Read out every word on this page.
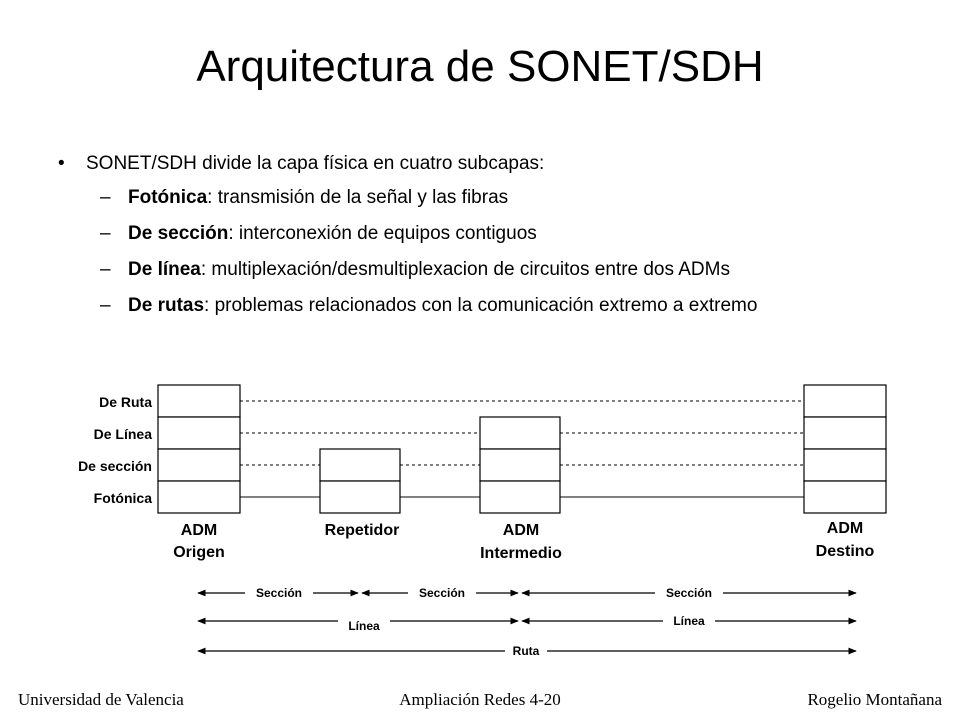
Arquitectura de SONET/SDH
• SONET/SDH divide la capa física en cuatro subcapas:
– Fotónica: transmisión de la señal y las fibras
– De sección: interconexión de equipos contiguos
– De línea: multiplexación/desmultiplexacion de circuitos entre dos ADMs
– De rutas: problemas relacionados con la comunicación extremo a extremo
De Ruta
De Línea
De sección
Fotónica
ADM
Origen
Repetidor	ADM
Intermedio
ADM
Destino
Sección	Sección	Sección
Línea	Línea
Ruta
Universidad de Valencia	Ampliación Redes 4-20	Rogelio Montañana
